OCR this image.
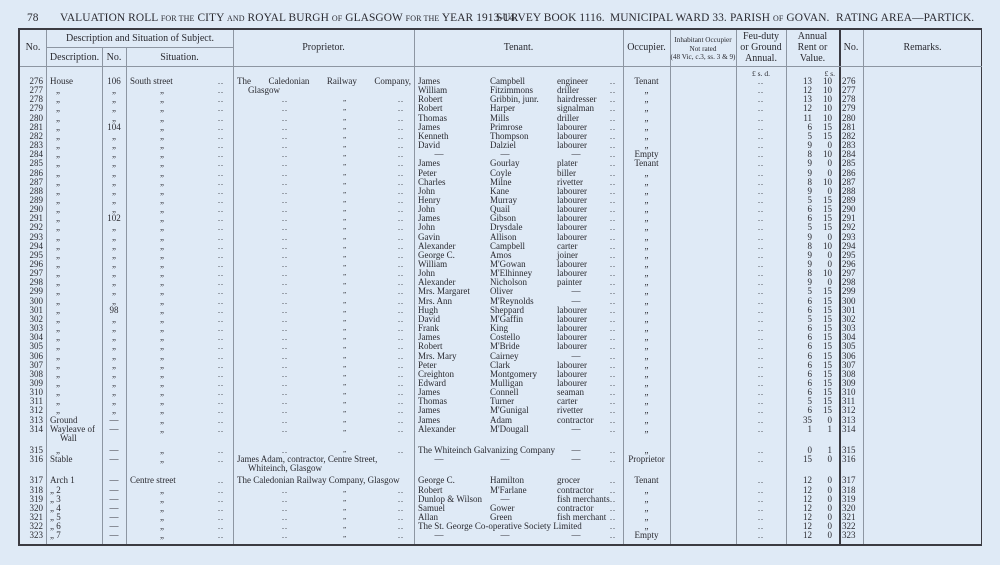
78 VALUATION ROLL FOR THE CITY AND ROYAL BURGH OF GLASGOW FOR THE YEAR 1913-14.
SURVEY BOOK 1116. MUNICIPAL WARD 33. PARISH OF GOVAN. RATING AREA—PARTICK.
No.
Description and Situation of Subject.
Description. No.	Situation.
Proprietor.	Tenant.	Occupier.
Inhabitant Occupier
Not rated
(48 Vic, c.3, ss. 3 & 9)
Feu-duty
or Ground
Annual.
Annual
Rent or
Value.
No.	Remarks.
£ s. d.	£ s.
276 House	106	South street	.. The Caledonian Railway Company, James	Campbell	engineer	..	Tenant	..	13	10 276
277	„	„	„	..	Glasgow	William	Fitzimmons	driller	..	„	..	12	10 277
278	„	„	„	..	..	„	.. Robert	Gribbin, junr. hairdresser ..	„	..	13	10 278
279	„	„	„	..	..	„	.. Robert	Harper	signalman ..	„	..	12	10 279
280	„	„	„	..	..	„	.. Thomas	Mills	driller	..	„	..	11	10 280
281	„	104	„	..	..	„	.. James	Primrose	labourer	..	„	..	6	15 281
282	„	„	„	..	..	„	.. Kenneth	Thompson	labourer	..	„	..	5	15 282
283	„	„	„	..	..	„	.. David	Dalziel	labourer	..	„	..	9	0 283
284	„	„	„	..	..	„	..	—	—	—	..	Empty	..	8	10 284
285	„	„	„	..	..	„	.. James	Gourlay	plater	..	Tenant	..	9	0 285
286	„	„	„	..	..	„	.. Peter	Coyle	biller	..	„	..	9	0 286
287	„	„	„	..	..	„	.. Charles	Milne	rivetter	..	„	..	8	10 287
288	„	„	„	..	..	„	.. John	Kane	labourer	..	„	..	9	0 288
289	„	„	„	..	..	„	.. Henry	Murray	labourer	..	„	..	5	15 289
290	„	„	„	..	..	„	.. John	Quail	labourer	..	„	..	6	15 290
291	„	102	„	..	..	„	.. James	Gibson	labourer	..	„	..	6	15 291
292	„	„	„	..	..	„	.. John	Drysdale	labourer	..	„	..	5	15 292
293	„	„	„	..	..	„	.. Gavin	Allison	labourer	..	„	..	9	0 293
294	„	„	„	..	..	„	.. Alexander	Campbell	carter	..	„	..	8	10 294
295	„	„	„	..	..	„	.. George C.	Amos	joiner	..	„	..	9	0 295
296	„	„	„	..	..	„	.. William	M'Gowan	labourer	..	„	..	9	0 296
297	„	„	„	..	..	„	.. John	M'Elhinney	labourer	..	„	..	8	10 297
298	„	„	„	..	..	„	.. Alexander	Nicholson	painter	..	„	..	9	0 298
299	„	„	„	..	..	„	.. Mrs. Margaret Oliver	—	..	„	..	5	15 299
300	„	„	„	..	..	„	.. Mrs. Ann	M'Reynolds	—	..	„	..	6	15 300
301	„	98	„	..	..	„	.. Hugh	Sheppard	labourer	..	„	..	6	15 301
302	„	„	„	..	..	„	.. David	M'Gaffin	labourer	..	„	..	5	15 302
303	„	„	„	..	..	„	.. Frank	King	labourer	..	„	..	6	15 303
304	„	„	„	..	..	„	.. James	Costello	labourer	..	„	..	6	15 304
305	„	„	„	..	..	„	.. Robert	M'Bride	labourer	..	„	..	6	15 305
306	„	„	„	..	..	„	.. Mrs. Mary	Cairney	—	..	„	..	6	15 306
307	„	„	„	..	..	„	.. Peter	Clark	labourer	..	„	..	6	15 307
308	„	„	„	..	..	„	.. Creighton	Montgomery labourer	..	„	..	6	15 308
309	„	„	„	..	..	„	.. Edward	Mulligan	labourer	..	„	..	6	15 309
310	„	„	„	..	..	„	.. James	Connell	seaman	..	„	..	6	15 310
311	„	„	„	..	..	„	.. Thomas	Turner	carter	..	„	..	5	15 311
312	„	„	„	..	..	„	.. James	M'Gunigal	rivetter	..	„	..	6	15 312
313 Ground	—	„	..	..	„	.. James	Adam	contractor ..	„	..	35	0 313
314 Wayleave of	—	„	..	..	„	.. Alexander	M'Dougall	—	..	„	..	1	1 314
Wall
315	„	—	„	..	..	„	.. The Whiteinch Galvanizing Company	—	..	„	..	0	1 315
316 Stable	—	„	.. James Adam, contractor, Centre Street,	—	—	—	..	Proprietor	..	15	0 316
Whiteinch, Glasgow
317 Arch 1	—	Centre street	.. The Caledonian Railway Company, Glasgow George C.	Hamilton	grocer	..	Tenant	..	12	0 317
318 „ 2	—	„	..	..	„	.. Robert	M'Farlane	contractor ..	„	..	12	0 318
319 „ 3	—	„	..	..	„	.. Dunlop & Wilson	—	fish merchants ..	„	..	12	0 319
320 „ 4	—	„	..	..	„	.. Samuel	Gower	contractor ..	„	..	12	0 320
321 „ 5	—	„	..	..	„	.. Allan	Green	fish merchant ..	„	..	12	0 321
322 „ 6	—	„	..	..	„	.. The St. George Co-operative Society Limited	..	„	..	12	0 322
323 „ 7	—	„	..	..	„	..	—	—	—	..	Empty	..	12	0 323
